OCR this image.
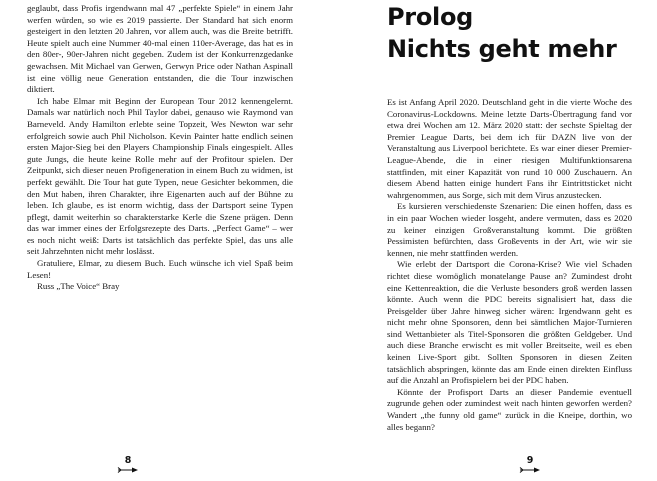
geglaubt, dass Profis irgendwann mal 47 „perfekte Spiele“ in einem Jahr werfen würden, so wie es 2019 passierte. Der Standard hat sich enorm gesteigert in den letzten 20 Jahren, vor allem auch, was die Breite betrifft. Heute spielt auch eine Nummer 40-mal einen 110er-Average, das hat es in den 80er-, 90er-Jahren nicht gegeben. Zudem ist der Konkurrenzgedanke gewachsen. Mit Michael van Gerwen, Gerwyn Price oder Nathan Aspinall ist eine völlig neue Generation entstanden, die die Tour inzwischen diktiert.

Ich habe Elmar mit Beginn der European Tour 2012 kennengelernt. Damals war natürlich noch Phil Taylor dabei, genauso wie Raymond van Barneveld. Andy Hamilton erlebte seine Topzeit, Wes Newton war sehr erfolgreich sowie auch Phil Nicholson. Kevin Painter hatte endlich seinen ersten Major-Sieg bei den Players Championship Finals eingespielt. Alles gute Jungs, die heute keine Rolle mehr auf der Profitour spielen. Der Zeitpunkt, sich dieser neuen Profigeneration in einem Buch zu widmen, ist perfekt gewählt. Die Tour hat gute Typen, neue Gesichter bekommen, die den Mut haben, ihren Charakter, ihre Eigenarten auch auf der Bühne zu leben. Ich glaube, es ist enorm wichtig, dass der Dartsport seine Typen pflegt, damit weiterhin so charakterstarke Kerle die Szene prägen. Denn das war immer eines der Erfolgsrezepte des Darts. „Perfect Game“ – wer es noch nicht weiß: Darts ist tatsächlich das perfekte Spiel, das uns alle seit Jahrzehnten nicht mehr loslässt.

Gratuliere, Elmar, zu diesem Buch. Euch wünsche ich viel Spaß beim Lesen!

Russ „The Voice“ Bray

8
Prolog
Nichts geht mehr

Es ist Anfang April 2020. Deutschland geht in die vierte Woche des Coronavirus-Lockdowns. Meine letzte Darts-Übertragung fand vor etwa drei Wochen am 12. März 2020 statt: der sechste Spieltag der Premier League Darts, bei dem ich für DAZN live von der Veranstaltung aus Liverpool berichtete. Es war einer dieser Premier-League-Abende, die in einer riesigen Multifunktionsarena stattfinden, mit einer Kapazität von rund 10 000 Zuschauern. An diesem Abend hatten einige hundert Fans ihr Eintrittsticket nicht wahrgenommen, aus Sorge, sich mit dem Virus anzustecken.

Es kursieren verschiedenste Szenarien: Die einen hoffen, dass es in ein paar Wochen wieder losgeht, andere vermuten, dass es 2020 zu keiner einzigen Großveranstaltung kommt. Die größten Pessimisten befürchten, dass Großevents in der Art, wie wir sie kennen, nie mehr stattfinden werden.

Wie erlebt der Dartsport die Corona-Krise? Wie viel Schaden richtet diese womöglich monatelange Pause an? Zumindest droht eine Kettenreaktion, die die Verluste besonders groß werden lassen könnte. Auch wenn die PDC bereits signalisiert hat, dass die Preisgelder über Jahre hinweg sicher wären: Irgendwann geht es nicht mehr ohne Sponsoren, denn bei sämtlichen Major-Turnieren sind Wettanbieter als Titel-Sponsoren die größten Geldgeber. Und auch diese Branche erwischt es mit voller Breitseite, weil es eben keinen Live-Sport gibt. Sollten Sponsoren in diesen Zeiten tatsächlich abspringen, könnte das am Ende einen direkten Einfluss auf die Anzahl an Profispielern bei der PDC haben.

Könnte der Profisport Darts an dieser Pandemie eventuell zugrunde gehen oder zumindest weit nach hinten geworfen werden? Wandert „the funny old game“ zurück in die Kneipe, dorthin, wo alles begann?

9
